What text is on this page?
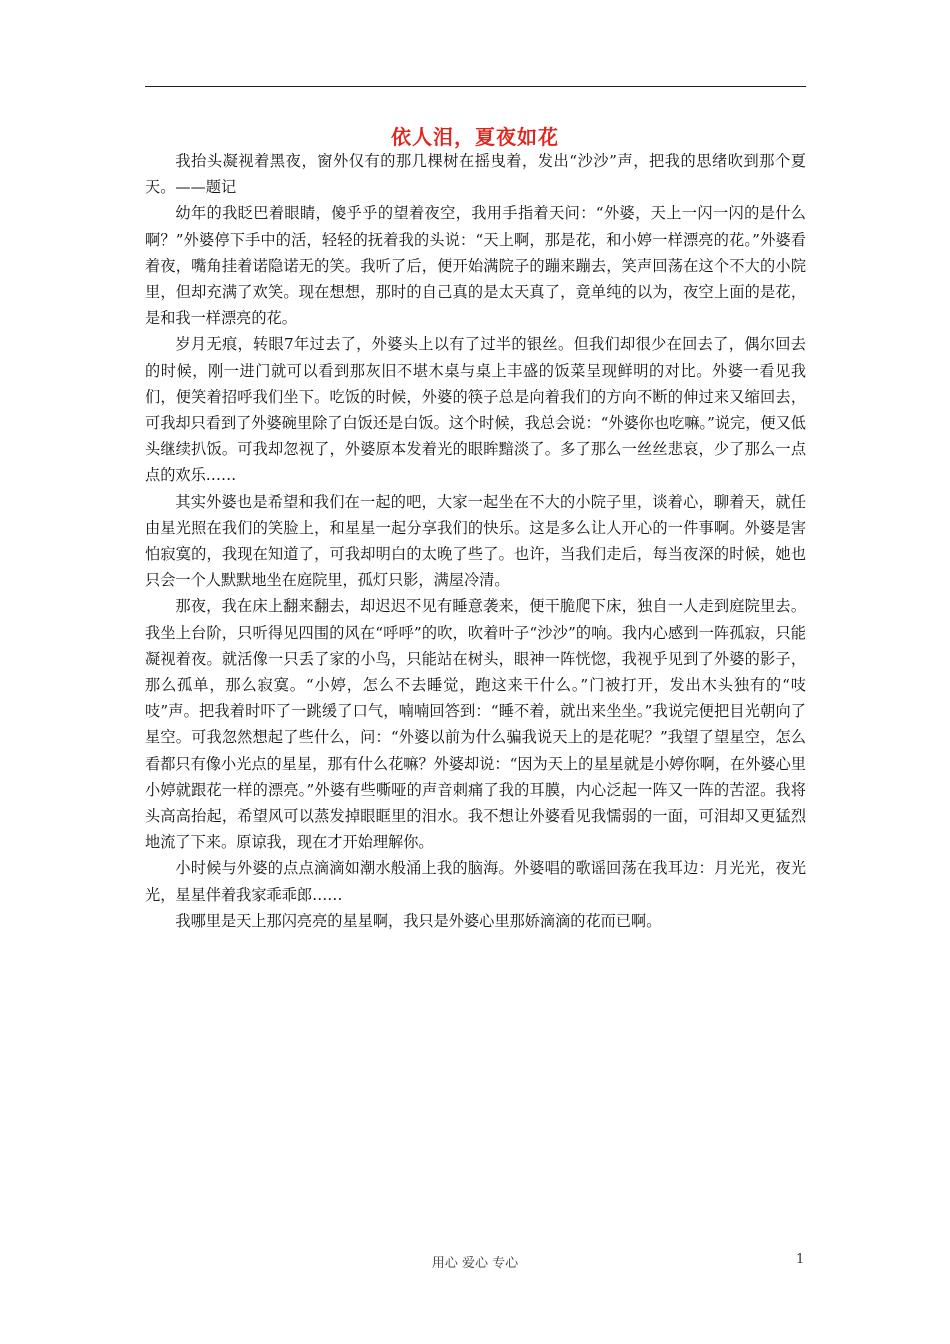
依人泪，夏夜如花

我抬头凝视着黑夜，窗外仅有的那几棵树在摇曳着，发出“沙沙”声，把我的思绪吹到那个夏天。——题记

幼年的我眨巴着眼睛，傻乎乎的望着夜空，我用手指着天问：“外婆，天上一闪一闪的是什么啊？”外婆停下手中的活，轻轻的抚着我的头说：“天上啊，那是花，和小婷一样漂亮的花。”外婆看着夜，嘴角挂着诺隐诺无的笑。我听了后，便开始满院子的蹦来蹦去，笑声回荡在这个不大的小院里，但却充满了欢笑。现在想想，那时的自己真的是太天真了，竟单纯的以为，夜空上面的是花，是和我一样漂亮的花。

岁月无痕，转眼7年过去了，外婆头上以有了过半的银丝。但我们却很少在回去了，偶尔回去的时候，刚一进门就可以看到那灰旧不堪木桌与桌上丰盛的饭菜呈现鲜明的对比。外婆一看见我们，便笑着招呼我们坐下。吃饭的时候，外婆的筷子总是向着我们的方向不断的伸过来又缩回去，可我却只看到了外婆碗里除了白饭还是白饭。这个时候，我总会说：“外婆你也吃嘛。”说完，便又低头继续扒饭。可我却忽视了，外婆原本发着光的眼眸黯淡了。多了那么一丝丝悲哀，少了那么一点点的欢乐……

其实外婆也是希望和我们在一起的吧，大家一起坐在不大的小院子里，谈着心，聊着天，就任由星光照在我们的笑脸上，和星星一起分享我们的快乐。这是多么让人开心的一件事啊。外婆是害怕寂寞的，我现在知道了，可我却明白的太晚了些了。也许，当我们走后，每当夜深的时候，她也只会一个人默默地坐在庭院里，孤灯只影，满屋冷清。

那夜，我在床上翻来翻去，却迟迟不见有睡意袭来，便干脆爬下床，独自一人走到庭院里去。我坐上台阶，只听得见四围的风在“呼呼”的吹，吹着叶子“沙沙”的响。我内心感到一阵孤寂，只能凝视着夜。就活像一只丢了家的小鸟，只能站在树头，眼神一阵恍惚，我视乎见到了外婆的影子，那么孤单，那么寂寞。“小婷，怎么不去睡觉，跑这来干什么。”门被打开，发出木头独有的“吱吱”声。把我着时吓了一跳缓了口气，喃喃回答到：“睡不着，就出来坐坐。”我说完便把目光朝向了星空。可我忽然想起了些什么，问：“外婆以前为什么骗我说天上的是花呢？”我望了望星空，怎么看都只有像小光点的星星，那有什么花嘛？外婆却说：“因为天上的星星就是小婷你啊，在外婆心里小婷就跟花一样的漂亮。”外婆有些嘶哑的声音刺痛了我的耳膜，内心泛起一阵又一阵的苦涩。我将头高高抬起，希望风可以蒸发掉眼眶里的泪水。我不想让外婆看见我懦弱的一面，可泪却又更猛烈地流了下来。原谅我，现在才开始理解你。

小时候与外婆的点点滴滴如潮水般涌上我的脑海。外婆唱的歌谣回荡在我耳边：月光光，夜光光，星星伴着我家乖乖郎……

我哪里是天上那闪亮亮的星星啊，我只是外婆心里那娇滴滴的花而已啊。

用心 爱心 专心	1
